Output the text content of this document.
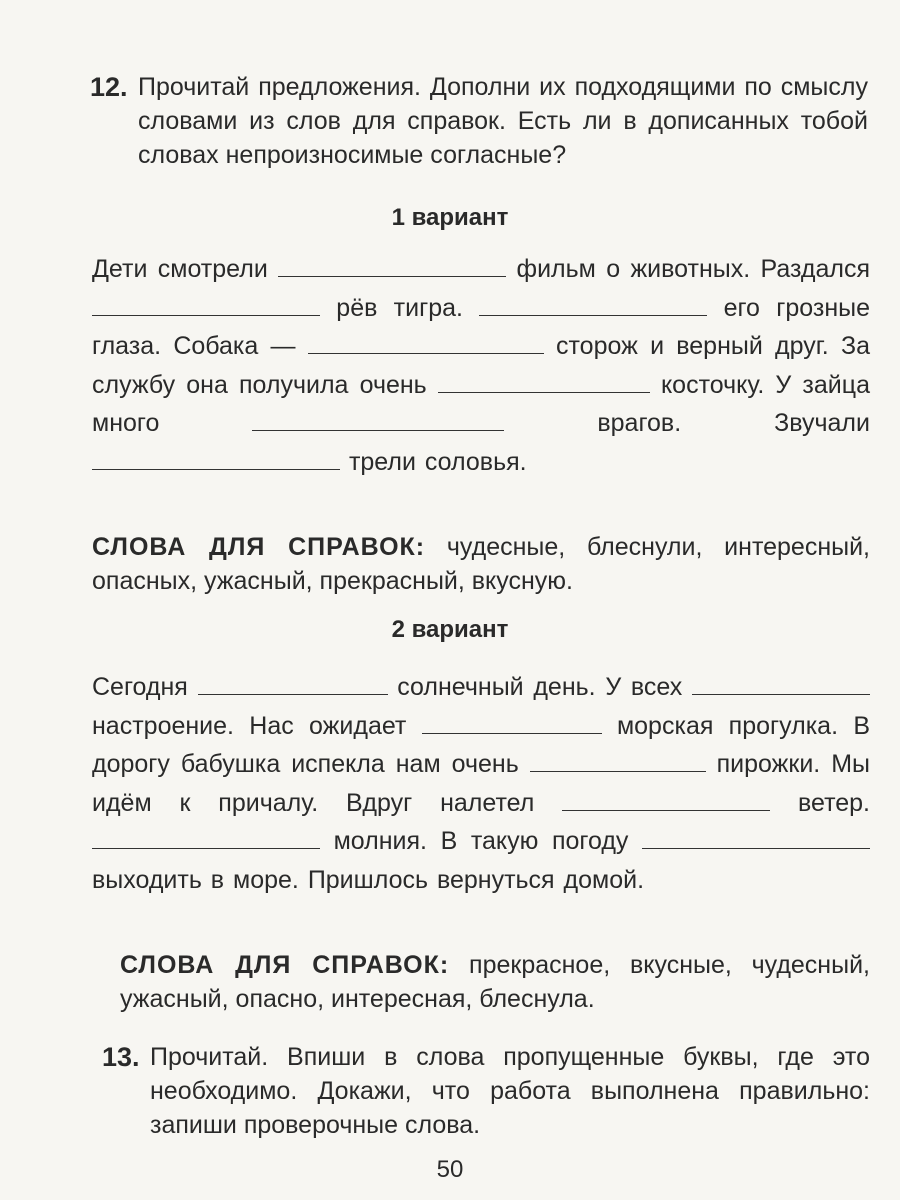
12. Прочитай предложения. Дополни их подходящими по смыслу словами из слов для справок. Есть ли в дописанных тобой словах непроизносимые согласные?
1 вариант
Дети смотрели	фильм о животных. Раздался  рёв тигра.	его грозные глаза. Собака —	сторож и верный друг. За службу она получила очень	косточку. У зайца много	врагов. Звучали  трели соловья.
СЛОВА ДЛЯ СПРАВОК: чудесные, блеснули, интересный, опасных, ужасный, прекрасный, вкусную.
2 вариант
Сегодня	солнечный день. У всех  настроение. Нас ожидает	морская прогулка. В дорогу бабушка испекла нам очень	пирожки. Мы идём к причалу. Вдруг налетел	ветер.  молния. В такую погоду  выходить в море. Пришлось вернуться домой.
СЛОВА ДЛЯ СПРАВОК: прекрасное, вкусные, чудесный, ужасный, опасно, интересная, блеснула.
13. Прочитай. Впиши в слова пропущенные буквы, где это необходимо. Докажи, что работа выполнена правильно: запиши проверочные слова.
50
